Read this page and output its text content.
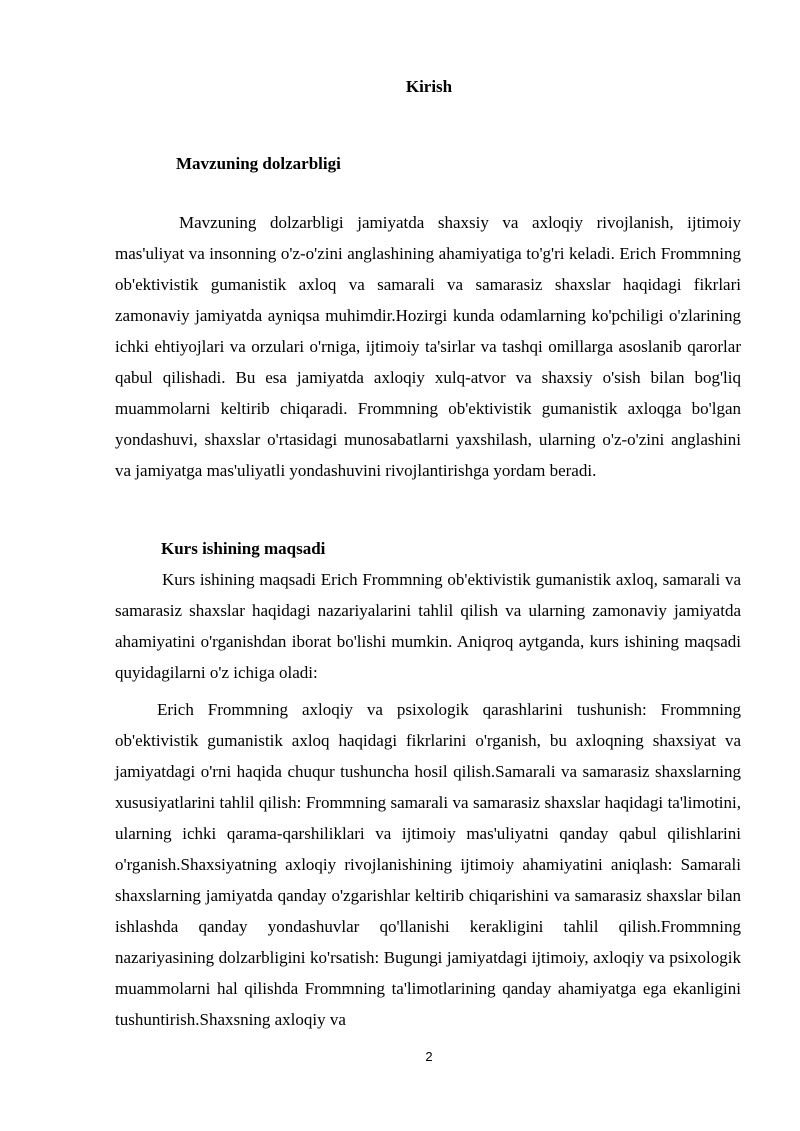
Kirish
Mavzuning dolzarbligi

Mavzuning dolzarbligi jamiyatda shaxsiy va axloqiy rivojlanish, ijtimoiy mas'uliyat va insonning o'z-o'zini anglashining ahamiyatiga to'g'ri keladi. Erich Frommning ob'ektivistik gumanistik axloq va samarali va samarasiz shaxslar haqidagi fikrlari zamonaviy jamiyatda ayniqsa muhimdir.Hozirgi kunda odamlarning ko'pchiligi o'zlarining ichki ehtiyojlari va orzulari o'rniga, ijtimoiy ta'sirlar va tashqi omillarga asoslanib qarorlar qabul qilishadi. Bu esa jamiyatda axloqiy xulq-atvor va shaxsiy o'sish bilan bog'liq muammolarni keltirib chiqaradi. Frommning ob'ektivistik gumanistik axloqga bo'lgan yondashuvi, shaxslar o'rtasidagi munosabatlarni yaxshilash, ularning o'z-o'zini anglashini va jamiyatga mas'uliyatli yondashuvini rivojlantirishga yordam beradi.

Kurs ishining maqsadi

Kurs ishining maqsadi Erich Frommning ob'ektivistik gumanistik axloq, samarali va samarasiz shaxslar haqidagi nazariyalarini tahlil qilish va ularning zamonaviy jamiyatda ahamiyatini o'rganishdan iborat bo'lishi mumkin. Aniqroq aytganda, kurs ishining maqsadi quyidagilarni o'z ichiga oladi:

Erich Frommning axloqiy va psixologik qarashlarini tushunish: Frommning ob'ektivistik gumanistik axloq haqidagi fikrlarini o'rganish, bu axloqning shaxsiyat va jamiyatdagi o'rni haqida chuqur tushuncha hosil qilish.Samarali va samarasiz shaxslarning xususiyatlarini tahlil qilish: Frommning samarali va samarasiz shaxslar haqidagi ta'limotini, ularning ichki qarama-qarshiliklari va ijtimoiy mas'uliyatni qanday qabul qilishlarini o'rganish.Shaxsiyatning axloqiy rivojlanishining ijtimoiy ahamiyatini aniqlash: Samarali shaxslarning jamiyatda qanday o'zgarishlar keltirib chiqarishini va samarasiz shaxslar bilan ishlashda qanday yondashuvlar qo'llanishi kerakligini tahlil qilish.Frommning nazariyasining dolzarbligini ko'rsatish: Bugungi jamiyatdagi ijtimoiy, axloqiy va psixologik muammolarni hal qilishda Frommning ta'limotlarining qanday ahamiyatga ega ekanligini tushuntirish.Shaxsning axloqiy va

2
